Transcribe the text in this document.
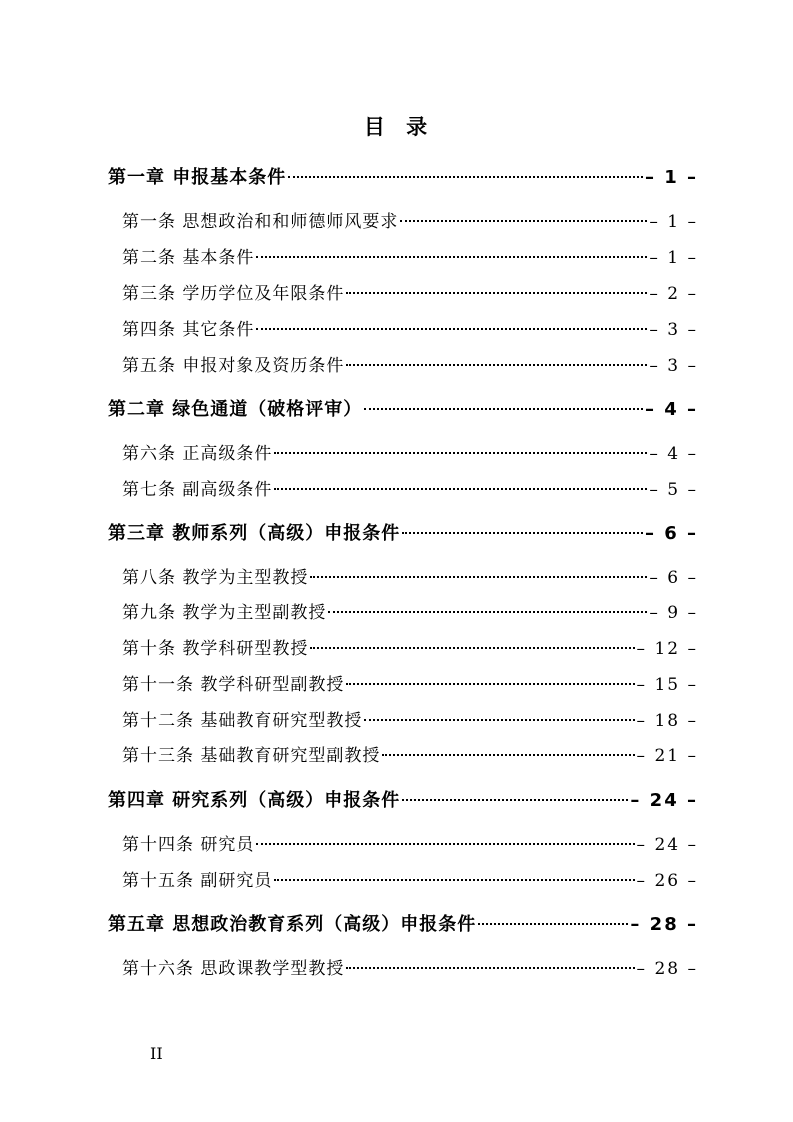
目 录
第一章 申报基本条件	– 1 –
第一条 思想政治和和师德师风要求	– 1 –
第二条 基本条件	– 1 –
第三条 学历学位及年限条件	– 2 –
第四条 其它条件	– 3 –
第五条 申报对象及资历条件	– 3 –
第二章 绿色通道（破格评审）	– 4 –
第六条 正高级条件	– 4 –
第七条 副高级条件	– 5 –
第三章 教师系列（高级）申报条件	– 6 –
第八条 教学为主型教授	– 6 –
第九条 教学为主型副教授	– 9 –
第十条 教学科研型教授	– 12 –
第十一条 教学科研型副教授	– 15 –
第十二条 基础教育研究型教授	– 18 –
第十三条 基础教育研究型副教授	– 21 –
第四章 研究系列（高级）申报条件	– 24 –
第十四条 研究员	– 24 –
第十五条 副研究员	– 26 –
第五章 思想政治教育系列（高级）申报条件	– 28 –
第十六条 思政课教学型教授	– 28 –
II
